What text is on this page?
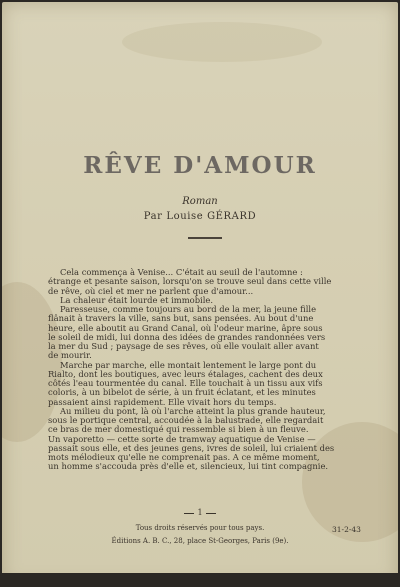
RÊVE D'AMOUR
Roman
Par Louise GÉRARD

Cela commença à Venise... C'était au seuil de l'automne :
étrange et pesante saison, lorsqu'on se trouve seul dans cette ville
de rêve, où ciel et mer ne parlent que d'amour...

La chaleur était lourde et immobile.

Paresseuse, comme toujours au bord de la mer, la jeune fille
flânait à travers la ville, sans but, sans pensées. Au bout d'une
heure, elle aboutit au Grand Canal, où l'odeur marine, âpre sous
le soleil de midi, lui donna des idées de grandes randonnées vers
la mer du Sud ; paysage de ses rêves, où elle voulait aller avant
de mourir.

Marche par marche, elle montait lentement le large pont du
Rialto, dont les boutiques, avec leurs étalages, cachent des deux
côtés l'eau tourmentée du canal. Elle touchait à un tissu aux vifs
coloris, à un bibelot de série, à un fruit éclatant, et les minutes
passaient ainsi rapidement. Elle vivait hors du temps.

Au milieu du pont, là où l'arche atteint la plus grande hauteur,
sous le portique central, accoudée à la balustrade, elle regardait
ce bras de mer domestiqué qui ressemble si bien à un fleuve.
Un vaporetto — cette sorte de tramway aquatique de Venise —
passait sous elle, et des jeunes gens, ivres de soleil, lui criaient des
mots mélodieux qu'elle ne comprenait pas. A ce même moment,
un homme s'accouda près d'elle et, silencieux, lui tint compagnie.

1
Tous droits réservés pour tous pays.	31-2-43
Éditions A. B. C., 28, place St-Georges, Paris (9e).
